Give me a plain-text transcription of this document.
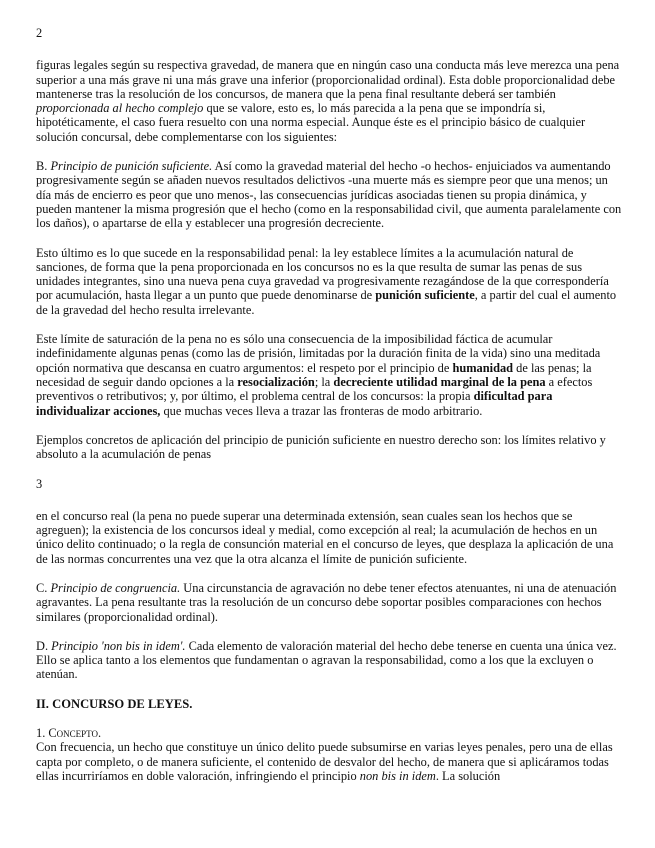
2

figuras legales según su respectiva gravedad, de manera que en ningún caso una conducta más leve merezca una pena superior a una más grave ni una más grave una inferior (proporcionalidad ordinal). Esta doble proporcionalidad debe mantenerse tras la resolución de los concursos, de manera que la pena final resultante deberá ser también proporcionada al hecho complejo que se valore, esto es, lo más parecida a la pena que se impondría si, hipotéticamente, el caso fuera resuelto con una norma especial. Aunque éste es el principio básico de cualquier solución concursal, debe complementarse con los siguientes:

B. Principio de punición suficiente. Así como la gravedad material del hecho -o hechos- enjuiciados va aumentando progresivamente según se añaden nuevos resultados delictivos -una muerte más es siempre peor que una menos; un día más de encierro es peor que uno menos-, las consecuencias jurídicas asociadas tienen su propia dinámica, y pueden mantener la misma progresión que el hecho (como en la responsabilidad civil, que aumenta paralelamente con los daños), o apartarse de ella y establecer una progresión decreciente.

Esto último es lo que sucede en la responsabilidad penal: la ley establece límites a la acumulación natural de sanciones, de forma que la pena proporcionada en los concursos no es la que resulta de sumar las penas de sus unidades integrantes, sino una nueva pena cuya gravedad va progresivamente rezagándose de la que correspondería por acumulación, hasta llegar a un punto que puede denominarse de punición suficiente, a partir del cual el aumento de la gravedad del hecho resulta irrelevante.

Este límite de saturación de la pena no es sólo una consecuencia de la imposibilidad fáctica de acumular indefinidamente algunas penas (como las de prisión, limitadas por la duración finita de la vida) sino una meditada opción normativa que descansa en cuatro argumentos: el respeto por el principio de humanidad de las penas; la necesidad de seguir dando opciones a la resocialización; la decreciente utilidad marginal de la pena a efectos preventivos o retributivos; y, por último, el problema central de los concursos: la propia dificultad para individualizar acciones, que muchas veces lleva a trazar las fronteras de modo arbitrario.

Ejemplos concretos de aplicación del principio de punición suficiente en nuestro derecho son: los límites relativo y absoluto a la acumulación de penas

3

en el concurso real (la pena no puede superar una determinada extensión, sean cuales sean los hechos que se agreguen); la existencia de los concursos ideal y medial, como excepción al real; la acumulación de hechos en un único delito continuado; o la regla de consunción material en el concurso de leyes, que desplaza la aplicación de una de las normas concurrentes una vez que la otra alcanza el límite de punición suficiente.

C. Principio de congruencia. Una circunstancia de agravación no debe tener efectos atenuantes, ni una de atenuación agravantes. La pena resultante tras la resolución de un concurso debe soportar posibles comparaciones con hechos similares (proporcionalidad ordinal).

D. Principio 'non bis in idem'. Cada elemento de valoración material del hecho debe tenerse en cuenta una única vez. Ello se aplica tanto a los elementos que fundamentan o agravan la responsabilidad, como a los que la excluyen o atenúan.

II. CONCURSO DE LEYES.

1. Concepto.

Con frecuencia, un hecho que constituye un único delito puede subsumirse en varias leyes penales, pero una de ellas capta por completo, o de manera suficiente, el contenido de desvalor del hecho, de manera que si aplicáramos todas ellas incurriríamos en doble valoración, infringiendo el principio non bis in idem. La solución
